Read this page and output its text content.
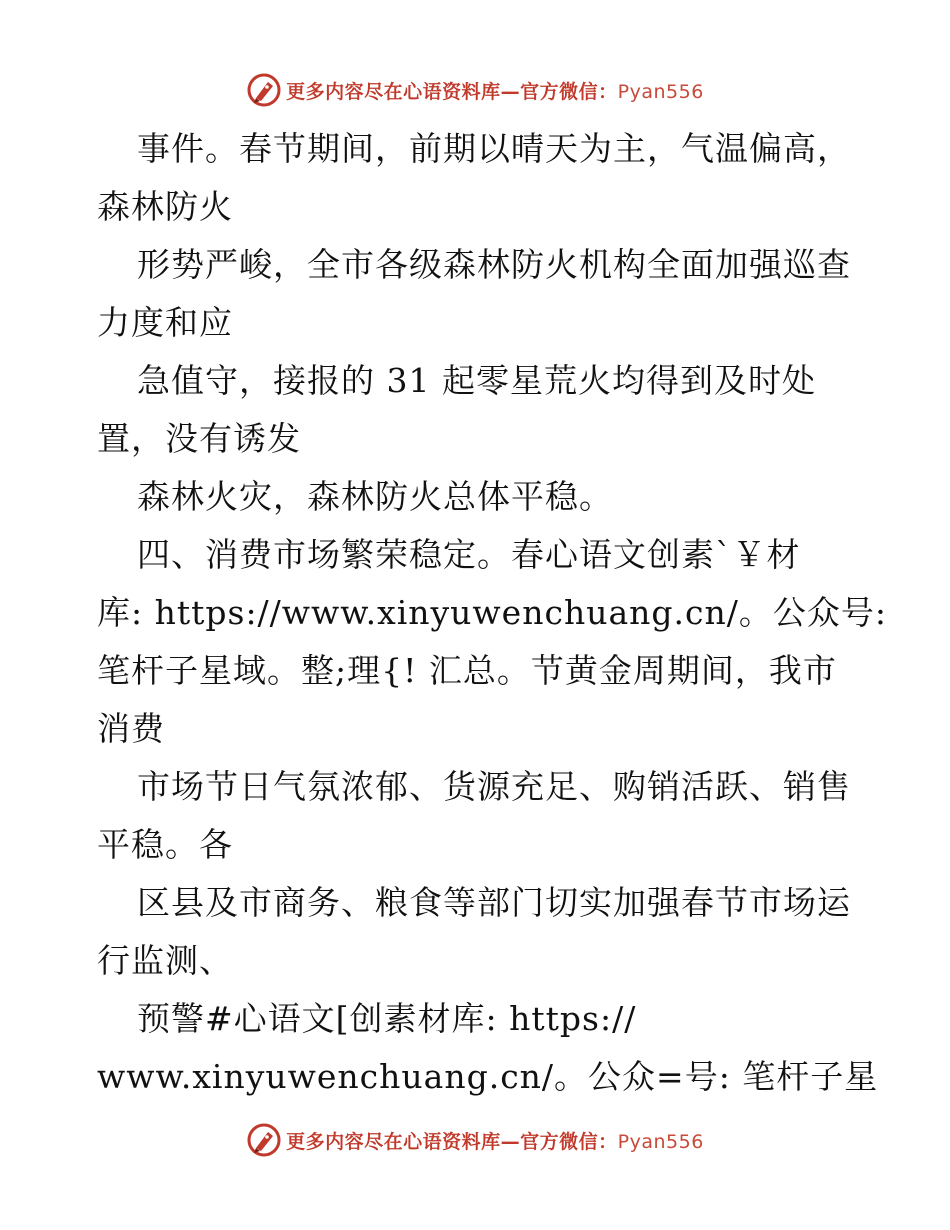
更多内容尽在心语资料库—官方微信：Pyan556
事件。春节期间，前期以晴天为主，气温偏高，
森林防火
形势严峻，全市各级森林防火机构全面加强巡查
力度和应
急值守，接报的 31 起零星荒火均得到及时处
置，没有诱发
森林火灾，森林防火总体平稳。
四、消费市场繁荣稳定。春心语文创素`￥材
库: https://www.xinyuwenchuang.cn/。公众号:
笔杆子星域。整;理{! 汇总。节黄金周期间，我市
消费
市场节日气氛浓郁、货源充足、购销活跃、销售
平稳。各
区县及市商务、粮食等部门切实加强春节市场运
行监测、
预警#心语文[创素材库: https://
www.xinyuwenchuang.cn/。公众=号: 笔杆子星
更多内容尽在心语资料库—官方微信：Pyan556
